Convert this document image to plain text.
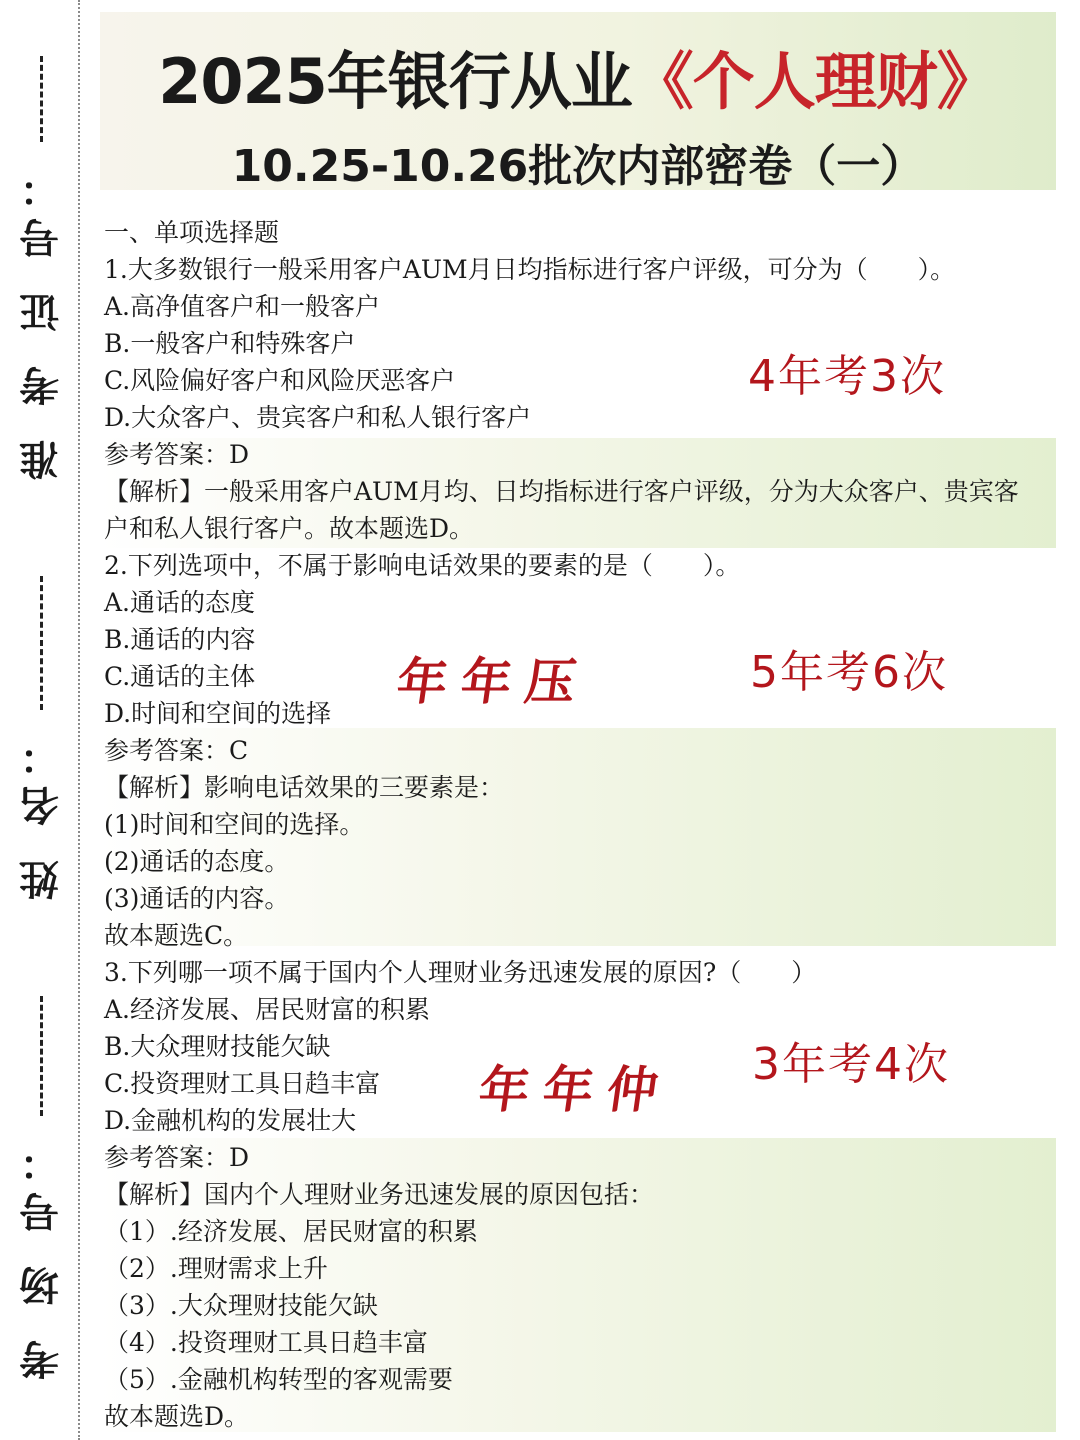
准 考 证 号：
姓 名：
考 场 号：
2025年银行从业《个人理财》
10.25-10.26批次内部密卷（一）
一、单项选择题
1.大多数银行一般采用客户AUM月日均指标进行客户评级，可分为（　　）。
A.高净值客户和一般客户
B.一般客户和特殊客户
C.风险偏好客户和风险厌恶客户
D.大众客户、贵宾客户和私人银行客户
参考答案：D
【解析】一般采用客户AUM月均、日均指标进行客户评级，分为大众客户、贵宾客户和私人银行客户。故本题选D。
2.下列选项中，不属于影响电话效果的要素的是（　　）。
A.通话的态度
B.通话的内容
C.通话的主体
D.时间和空间的选择
参考答案：C
【解析】影响电话效果的三要素是：
(1)时间和空间的选择。
(2)通话的态度。
(3)通话的内容。
故本题选C。
3.下列哪一项不属于国内个人理财业务迅速发展的原因?（　　）
A.经济发展、居民财富的积累
B.大众理财技能欠缺
C.投资理财工具日趋丰富
D.金融机构的发展壮大
参考答案：D
【解析】国内个人理财业务迅速发展的原因包括：
（1）.经济发展、居民财富的积累
（2）.理财需求上升
（3）.大众理财技能欠缺
（4）.投资理财工具日趋丰富
（5）.金融机构转型的客观需要
故本题选D。
4年考3次
5年考6次
3年考4次
年年压
年年仲
